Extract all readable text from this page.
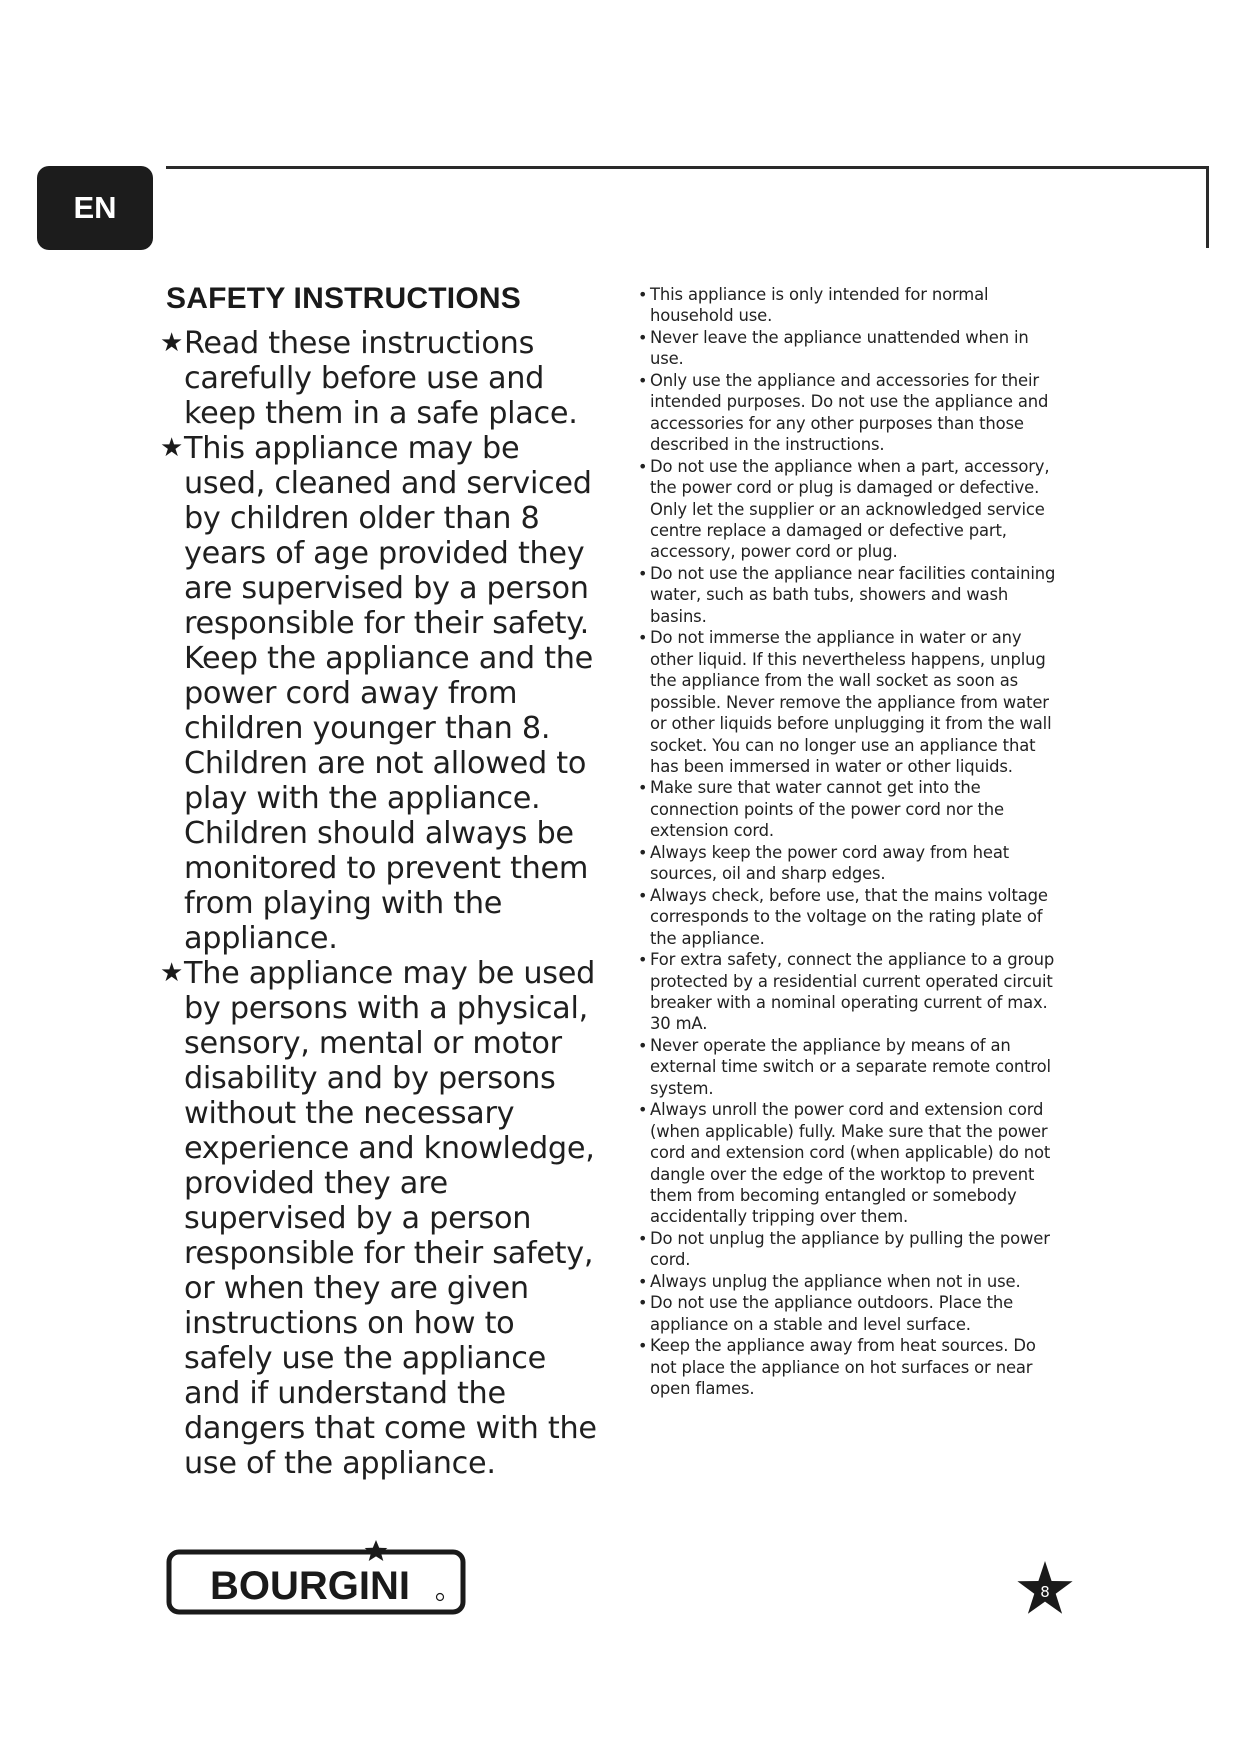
EN
SAFETY INSTRUCTIONS
★ Read these instructions carefully before use and keep them in a safe place.
★ This appliance may be used, cleaned and serviced by children older than 8 years of age provided they are supervised by a person responsible for their safety. Keep the appliance and the power cord away from children younger than 8. Children are not allowed to play with the appliance. Children should always be monitored to prevent them from playing with the appliance.
★ The appliance may be used by persons with a physical, sensory, mental or motor disability and by persons without the necessary experience and knowledge, provided they are supervised by a person responsible for their safety, or when they are given instructions on how to safely use the appliance and if understand the dangers that come with the use of the appliance.
• This appliance is only intended for normal household use.
• Never leave the appliance unattended when in use.
• Only use the appliance and accessories for their intended purposes. Do not use the appliance and accessories for any other purposes than those described in the instructions.
• Do not use the appliance when a part, accessory, the power cord or plug is damaged or defective. Only let the supplier or an acknowledged service centre replace a damaged or defective part, accessory, power cord or plug.
• Do not use the appliance near facilities containing water, such as bath tubs, showers and wash basins.
• Do not immerse the appliance in water or any other liquid. If this nevertheless happens, unplug the appliance from the wall socket as soon as possible. Never remove the appliance from water or other liquids before unplugging it from the wall socket. You can no longer use an appliance that has been immersed in water or other liquids.
• Make sure that water cannot get into the connection points of the power cord nor the extension cord.
• Always keep the power cord away from heat sources, oil and sharp edges.
• Always check, before use, that the mains voltage corresponds to the voltage on the rating plate of the appliance.
• For extra safety, connect the appliance to a group protected by a residential current operated circuit breaker with a nominal operating current of max. 30 mA.
• Never operate the appliance by means of an external time switch or a separate remote control system.
• Always unroll the power cord and extension cord (when applicable) fully. Make sure that the power cord and extension cord (when applicable) do not dangle over the edge of the worktop to prevent them from becoming entangled or somebody accidentally tripping over them.
• Do not unplug the appliance by pulling the power cord.
• Always unplug the appliance when not in use.
• Do not use the appliance outdoors. Place the appliance on a stable and level surface.
• Keep the appliance away from heat sources. Do not place the appliance on hot surfaces or near open flames.
BOURGINI	8
